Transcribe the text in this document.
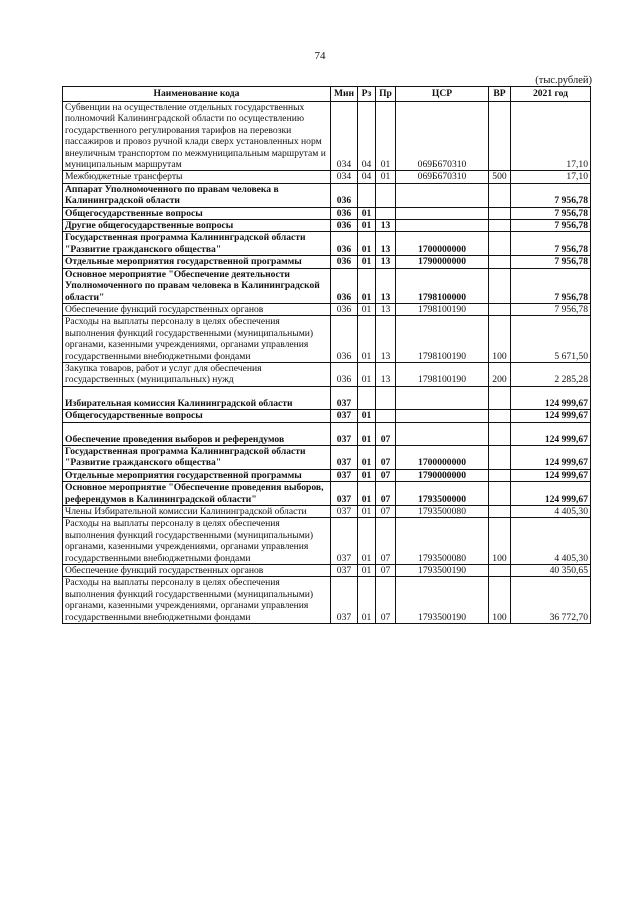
74
(тыс.рублей)
Наименование кода	Мин	Рз	Пр	ЦСР	ВР	2021 год
Субвенции на осуществление отдельных государственных полномочий Калининградской области по осуществлению государственного регулирования тарифов на перевозки пассажиров и провоз ручной клади сверх установленных норм внеуличным транспортом по межмуниципальным маршрутам и муниципальным маршрутам	034	04	01	069Б670310		17,10
Межбюджетные трансферты	034	04	01	069Б670310	500	17,10
Аппарат Уполномоченного по правам человека в Калининградской области	036					7 956,78
Общегосударственные вопросы	036	01				7 956,78
Другие общегосударственные вопросы	036	01	13			7 956,78
Государственная программа Калининградской области "Развитие гражданского общества"	036	01	13	1700000000		7 956,78
Отдельные мероприятия государственной программы	036	01	13	1790000000		7 956,78
Основное мероприятие "Обеспечение деятельности Уполномоченного по правам человека в Калининградской области"	036	01	13	1798100000		7 956,78
Обеспечение функций государственных органов	036	01	13	1798100190		7 956,78
Расходы на выплаты персоналу в целях обеспечения выполнения функций государственными (муниципальными) органами, казенными учреждениями, органами управления государственными внебюджетными фондами	036	01	13	1798100190	100	5 671,50
Закупка товаров, работ и услуг для обеспечения государственных (муниципальных) нужд	036	01	13	1798100190	200	2 285,28
Избирательная комиссия Калининградской области	037					124 999,67
Общегосударственные вопросы	037	01				124 999,67
Обеспечение проведения выборов и референдумов	037	01	07			124 999,67
Государственная программа Калининградской области "Развитие гражданского общества"	037	01	07	1700000000		124 999,67
Отдельные мероприятия государственной программы	037	01	07	1790000000		124 999,67
Основное мероприятие "Обеспечение проведения выборов, референдумов в Калининградской области"	037	01	07	1793500000		124 999,67
Члены Избирательной комиссии Калининградской области	037	01	07	1793500080		4 405,30
Расходы на выплаты персоналу в целях обеспечения выполнения функций государственными (муниципальными) органами, казенными учреждениями, органами управления государственными внебюджетными фондами	037	01	07	1793500080	100	4 405,30
Обеспечение функций государственных органов	037	01	07	1793500190		40 350,65
Расходы на выплаты персоналу в целях обеспечения выполнения функций государственными (муниципальными) органами, казенными учреждениями, органами управления государственными внебюджетными фондами	037	01	07	1793500190	100	36 772,70
